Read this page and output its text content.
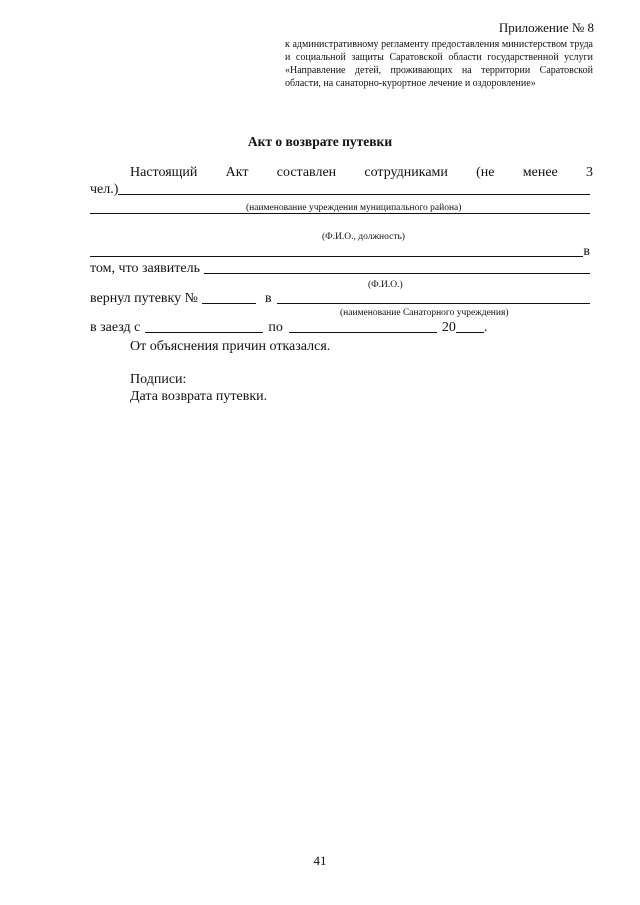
Приложение № 8
к административному регламенту предоставления министерством труда и социальной защиты Саратовской области государственной услуги «Направление детей, проживающих на территории Саратовской области, на санаторно-курортное лечение и оздоровление»
Акт о возврате путевки
Настоящий Акт составлен сотрудниками (не менее 3
чел.)
(наименование учреждения муниципального района)
(Ф.И.О., должность)
в
том, что заявитель
(Ф.И.О.)
вернул путевку №	в
(наименование Санаторного учреждения)
в заезд с	по	20 .
От объяснения причин отказался.
Подписи:
Дата возврата путевки.
41
